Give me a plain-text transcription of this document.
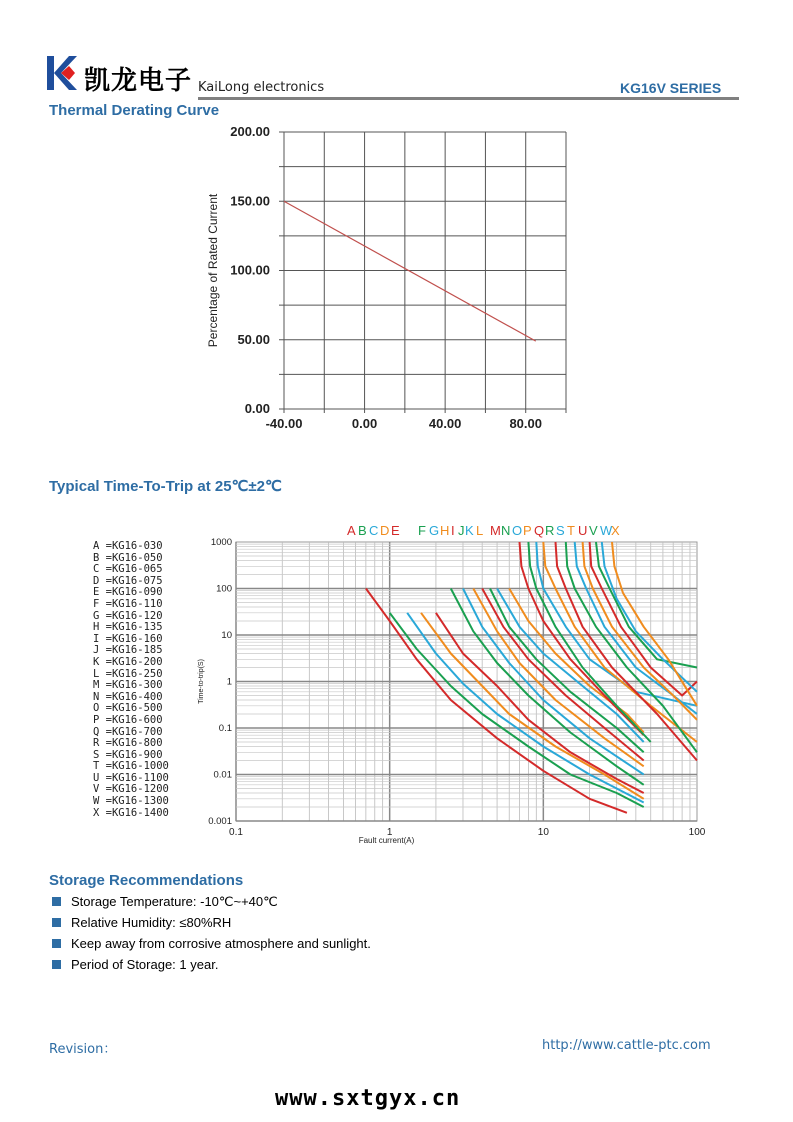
凯龙电子 KaiLong electronics	KG16V SERIES
Thermal Derating Curve
-40.00	0.00	40.00	80.00
0.00
50.00
100.00
150.00
200.00
Percentage of Rated Current
Typical Time-To-Trip at 25℃±2℃
A =KG16-030
B =KG16-050
C =KG16-065
D =KG16-075
E =KG16-090
F =KG16-110
G =KG16-120
H =KG16-135
I =KG16-160
J =KG16-185
K =KG16-200
L =KG16-250
M =KG16-300
N =KG16-400
O =KG16-500
P =KG16-600
Q =KG16-700
R =KG16-800
S =KG16-900
T =KG16-1000
U =KG16-1100
V =KG16-1200
W =KG16-1300
X =KG16-1400
0.1	1	10	100
0.001
0.01
0.1
1
10
100
1000
Fault current(A)
Time-to-trip(S)
A B C D E F G H I J K L M N O P Q R S T U V W
X
Storage Recommendations
Storage Temperature: -10℃~+40℃
Relative Humidity: ≤80%RH
Keep away from corrosive atmosphere and sunlight.
Period of Storage: 1 year.
Revision：	http://www.cattle-ptc.com
www.sxtgyx.cn
